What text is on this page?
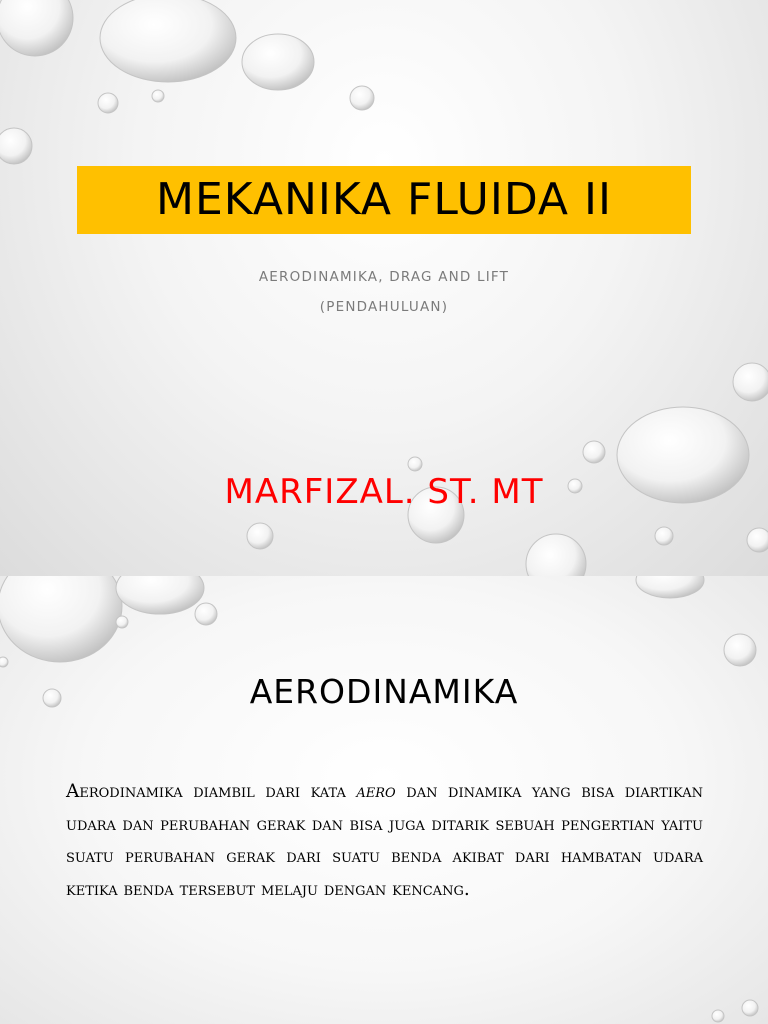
MEKANIKA FLUIDA II
AERODINAMIKA, DRAG AND LIFT
(PENDAHULUAN)
MARFIZAL. ST. MT
AERODINAMIKA

Aerodinamika diambil dari kata aero dan dinamika yang bisa diartikan udara dan perubahan gerak dan bisa juga ditarik sebuah pengertian yaitu suatu perubahan gerak dari suatu benda akibat dari hambatan udara ketika benda tersebut melaju dengan kencang.
